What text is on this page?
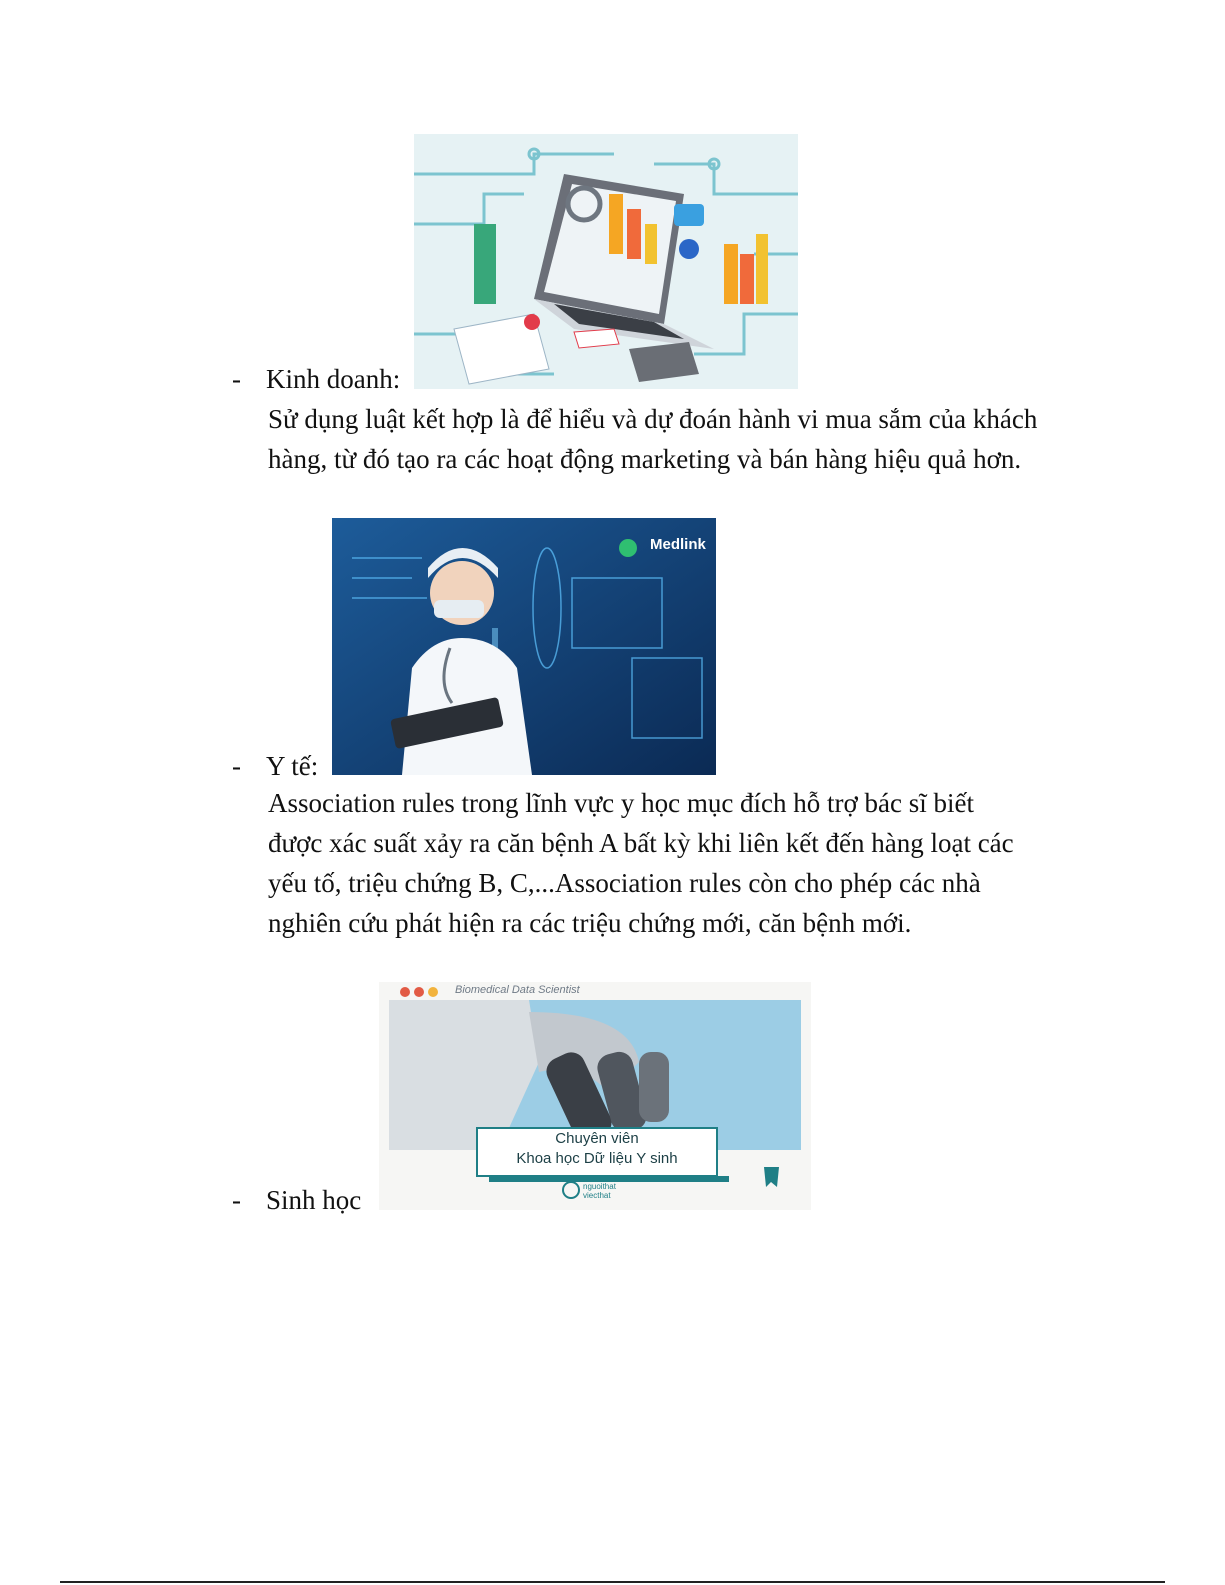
- Kinh doanh:
Sử dụng luật kết hợp là để hiểu và dự đoán hành vi mua sắm của khách hàng, từ đó tạo ra các hoạt động marketing và bán hàng hiệu quả hơn.
Medlink
- Y tế:
Association rules trong lĩnh vực y học mục đích hỗ trợ bác sĩ biết được xác suất xảy ra căn bệnh A bất kỳ khi liên kết đến hàng loạt các yếu tố, triệu chứng B, C,...Association rules còn cho phép các nhà nghiên cứu phát hiện ra các triệu chứng mới, căn bệnh mới.
Biomedical Data Scientist
Chuyên viên
Khoa học Dữ liệu Y sinh
nguoithat viecthat
- Sinh học
